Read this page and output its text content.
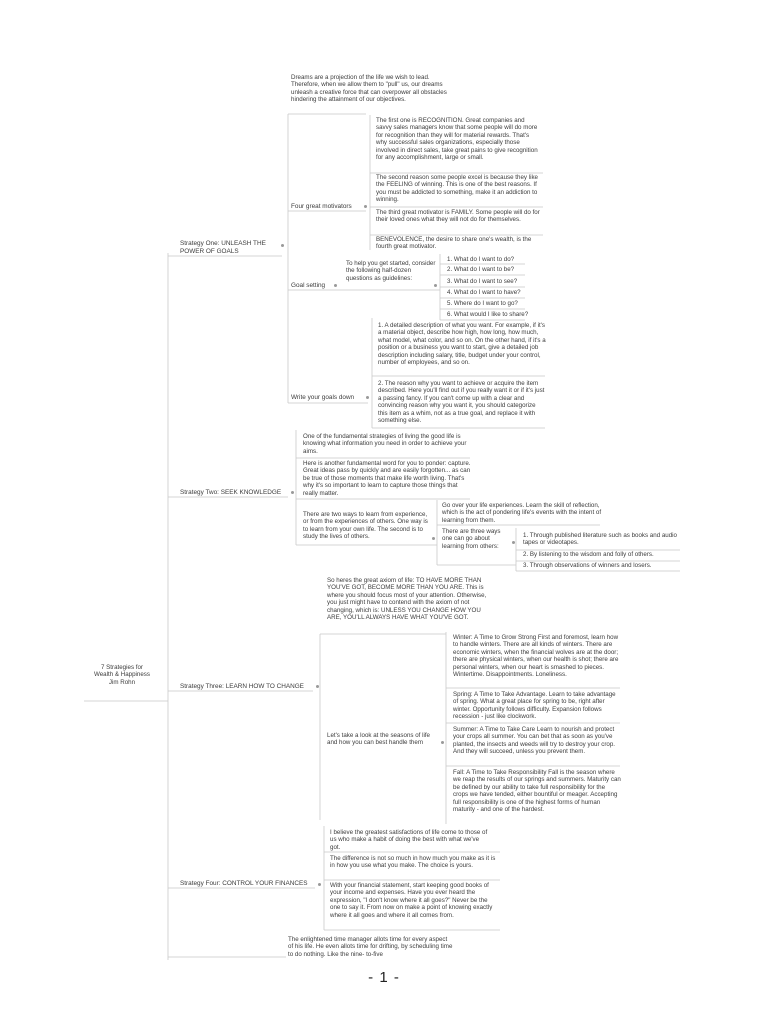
7 Strategies for
Wealth & Happiness
Jim Rohn

Dreams are a projection of the life we wish to lead. Therefore, when we allow them to "pull" us, our dreams unleash a creative force that can overpower all obstacles hindering the attainment of our objectives.

Strategy One: UNLEASH THE POWER OF GOALS

Four great motivators

The first one is RECOGNITION. Great companies and savvy sales managers know that some people will do more for recognition than they will for material rewards. That's why successful sales organizations, especially those involved in direct sales, take great pains to give recognition for any accomplishment, large or small.

The second reason some people excel is because they like the FEELING of winning. This is one of the best reasons. If you must be addicted to something, make it an addiction to winning.

The third great motivator is FAMILY. Some people will do for their loved ones what they will not do for themselves.

BENEVOLENCE, the desire to share one's wealth, is the fourth great motivator.

Goal setting

To help you get started, consider the following half-dozen questions as guidelines:

1. What do I want to do?

2. What do I want to be?

3. What do I want to see?

4. What do I want to have?

5. Where do I want to go?

6. What would I like to share?

Write your goals down

1. A detailed description of what you want. For example, if it's a material object, describe how high, how long, how much, what model, what color, and so on. On the other hand, if it's a position or a business you want to start, give a detailed job description including salary, title, budget under your control, number of employees, and so on.

2. The reason why you want to achieve or acquire the item described. Here you'll find out if you really want it or if it's just a passing fancy. If you can't come up with a clear and convincing reason why you want it, you should categorize this item as a whim, not as a true goal, and replace it with something else.

Strategy Two: SEEK KNOWLEDGE

One of the fundamental strategies of living the good life is knowing what information you need in order to achieve your aims.

Here is another fundamental word for you to ponder: capture. Great ideas pass by quickly and are easily forgotten... as can be true of those moments that make life worth living. That's why it's so important to learn to capture those things that really matter.

There are two ways to learn from experience, or from the experiences of others. One way is to learn from your own life. The second is to study the lives of others.

Go over your life experiences. Learn the skill of reflection, which is the act of pondering life's events with the intent of learning from them.

There are three ways one can go about learning from others:

1. Through published literature such as books and audio tapes or videotapes.

2. By listening to the wisdom and folly of others.

3. Through observations of winners and losers.

Strategy Three: LEARN HOW TO CHANGE

So heres the great axiom of life: TO HAVE MORE THAN YOU'VE GOT, BECOME MORE THAN YOU ARE. This is where you should focus most of your attention. Otherwise, you just might have to contend with the axiom of not changing, which is: UNLESS YOU CHANGE HOW YOU ARE, YOU'LL ALWAYS HAVE WHAT YOU'VE GOT.

Let's take a look at the seasons of life and how you can best handle them

Winter: A Time to Grow Strong First and foremost, learn how to handle winters. There are all kinds of winters. There are economic winters, when the financial wolves are at the door; there are physical winters, when our health is shot; there are personal winters, when our heart is smashed to pieces. Wintertime. Disappointments. Loneliness.

Spring: A Time to Take Advantage. Learn to take advantage of spring. What a great place for spring to be, right after winter. Opportunity follows difficulty. Expansion follows recession - just like clockwork.

Summer: A Time to Take Care Learn to nourish and protect your crops all summer. You can bet that as soon as you've planted, the insects and weeds will try to destroy your crop. And they will succeed, unless you prevent them.

Fall: A Time to Take Responsibility Fall is the season where we reap the results of our springs and summers. Maturity can be defined by our ability to take full responsibility for the crops we have tended, either bountiful or meager. Accepting full responsibility is one of the highest forms of human maturity - and one of the hardest.

Strategy Four: CONTROL YOUR FINANCES

I believe the greatest satisfactions of life come to those of us who make a habit of doing the best with what we've got.

The difference is not so much in how much you make as it is in how you use what you make. The choice is yours.

With your financial statement, start keeping good books of your income and expenses. Have you ever heard the expression, "I don't know where it all goes?" Never be the one to say it. From now on make a point of knowing exactly where it all goes and where it all comes from.

The enlightened time manager allots time for every aspect of his life. He even allots time for drifting, by scheduling time to do nothing. Like the nine- to-five

- 1 -
